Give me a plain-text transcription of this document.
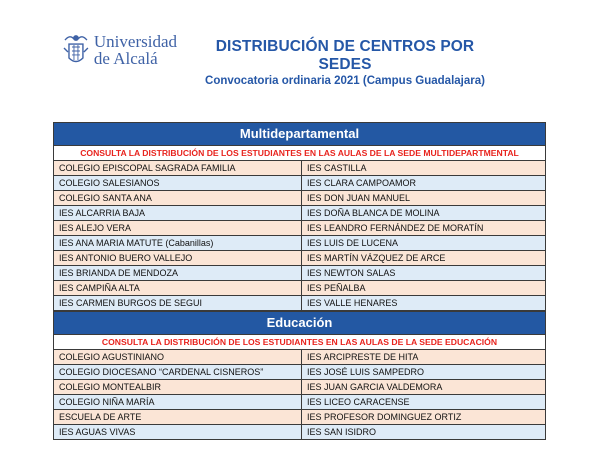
Universidad
de Alcalá
DISTRIBUCIÓN DE CENTROS POR SEDES
Convocatoria ordinaria 2021 (Campus Guadalajara)
Multidepartamental	
CONSULTA LA DISTRIBUCIÓN DE LOS ESTUDIANTES EN LAS AULAS DE LA SEDE MULTIDEPARTMENTAL	
COLEGIO EPISCOPAL SAGRADA FAMILIA	IES CASTILLA
COLEGIO SALESIANOS	IES CLARA CAMPOAMOR
COLEGIO SANTA ANA	IES DON JUAN MANUEL
IES ALCARRIA BAJA	IES DOÑA BLANCA DE MOLINA
IES ALEJO VERA	IES LEANDRO FERNÁNDEZ DE MORATÍN
IES ANA MARIA MATUTE (Cabanillas)	IES LUIS DE LUCENA
IES ANTONIO BUERO VALLEJO	IES MARTÍN VÁZQUEZ DE ARCE
IES BRIANDA DE MENDOZA	IES NEWTON SALAS
IES CAMPIÑA ALTA	IES PEÑALBA
IES CARMEN BURGOS DE SEGUI	IES VALLE HENARES
Educación	
CONSULTA LA DISTRIBUCIÓN DE LOS ESTUDIANTES EN LAS AULAS DE LA SEDE EDUCACIÓN	
COLEGIO AGUSTINIANO	IES ARCIPRESTE DE HITA
COLEGIO DIOCESANO “CARDENAL CISNEROS”	IES JOSÉ LUIS SAMPEDRO
COLEGIO MONTEALBIR	IES JUAN GARCIA VALDEMORA
COLEGIO NIÑA MARÍA	IES LICEO CARACENSE
ESCUELA DE ARTE	IES PROFESOR DOMINGUEZ ORTIZ
IES AGUAS VIVAS	IES SAN ISIDRO
